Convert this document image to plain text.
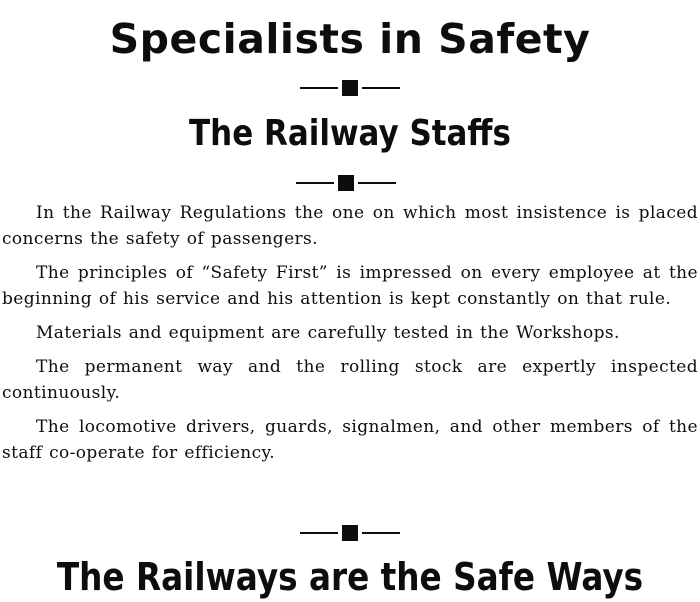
Specialists in Safety
The Railway Staffs

In the Railway Regulations the one on which most insistence is placed concerns the safety of passengers.

The principles of “Safety First” is impressed on every employee at the beginning of his service and his attention is kept constantly on that rule.

Materials and equipment are carefully tested in the Workshops.

The permanent way and the rolling stock are expertly inspected continuously.

The locomotive drivers, guards, signalmen, and other members of the staff co-operate for efficiency.

The Railways are the Safe Ways
